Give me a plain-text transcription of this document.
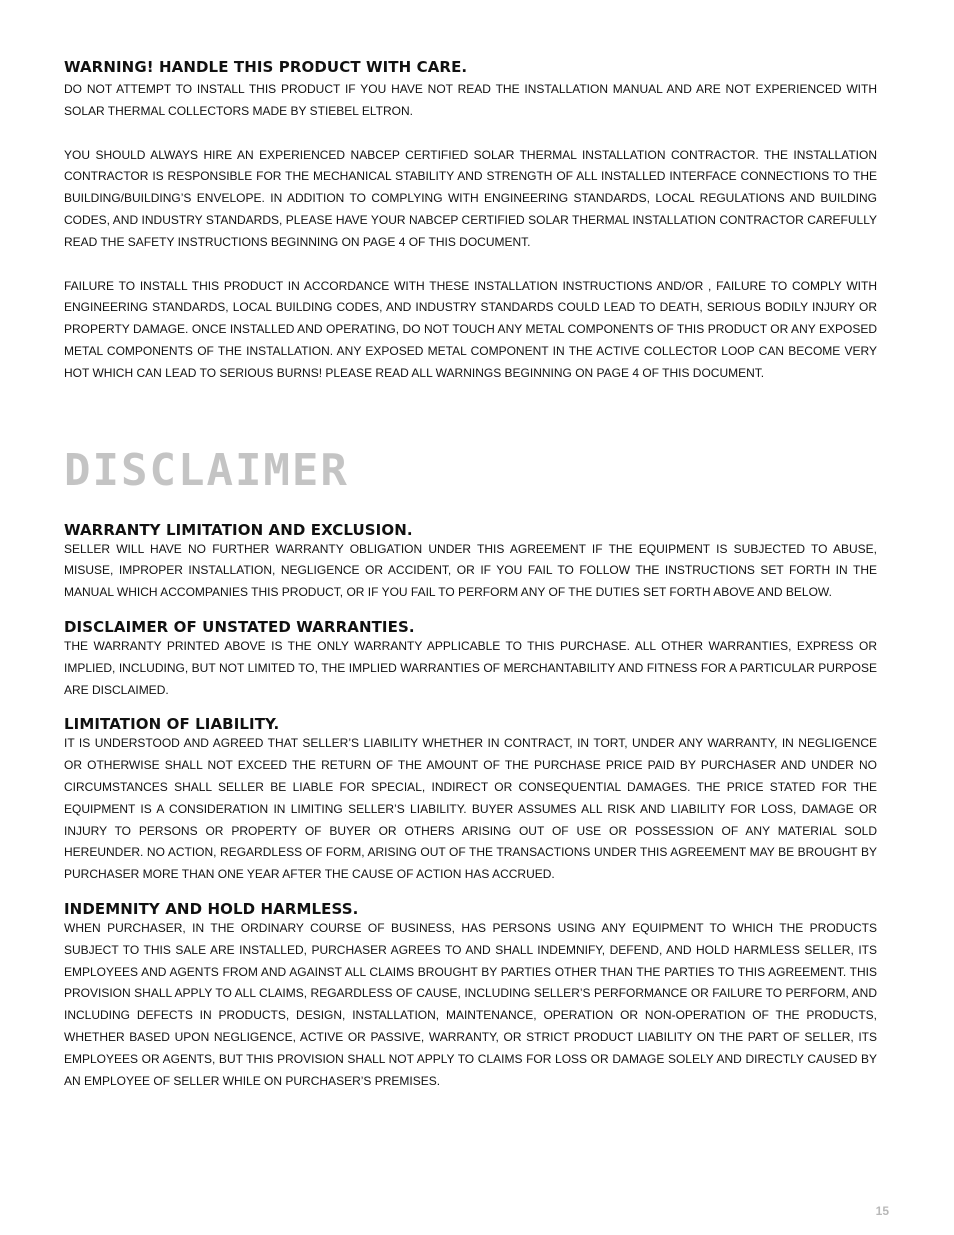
WARNING! HANDLE THIS PRODUCT WITH CARE.

DO NOT ATTEMPT TO INSTALL THIS PRODUCT IF YOU HAVE NOT READ THE INSTALLATION MANUAL AND ARE NOT EXPERIENCED WITH SOLAR THERMAL COLLECTORS MADE BY STIEBEL ELTRON.

YOU SHOULD ALWAYS HIRE AN EXPERIENCED NABCEP CERTIFIED SOLAR THERMAL INSTALLATION CONTRACTOR. THE INSTALLATION CONTRACTOR IS RESPONSIBLE FOR THE MECHANICAL STABILITY AND STRENGTH OF ALL INSTALLED INTERFACE CONNECTIONS TO THE BUILDING/BUILDING’S ENVELOPE. IN ADDITION TO COMPLYING WITH ENGINEERING STANDARDS, LOCAL REGULATIONS AND BUILDING CODES, AND INDUSTRY STANDARDS, PLEASE HAVE YOUR NABCEP CERTIFIED SOLAR THERMAL INSTALLATION CONTRACTOR CAREFULLY READ THE SAFETY INSTRUCTIONS BEGINNING ON PAGE 4 OF THIS DOCUMENT.

FAILURE TO INSTALL THIS PRODUCT IN ACCORDANCE WITH THESE INSTALLATION INSTRUCTIONS AND/OR , FAILURE TO COMPLY WITH ENGINEERING STANDARDS, LOCAL BUILDING CODES, AND INDUSTRY STANDARDS COULD LEAD TO DEATH, SERIOUS BODILY INJURY OR PROPERTY DAMAGE. ONCE INSTALLED AND OPERATING, DO NOT TOUCH ANY METAL COMPONENTS OF THIS PRODUCT OR ANY EXPOSED METAL COMPONENTS OF THE INSTALLATION. ANY EXPOSED METAL COMPONENT IN THE ACTIVE COLLECTOR LOOP CAN BECOME VERY HOT WHICH CAN LEAD TO SERIOUS BURNS! PLEASE READ ALL WARNINGS BEGINNING ON PAGE 4 OF THIS DOCUMENT.

DISCLAIMER
WARRANTY LIMITATION AND EXCLUSION.

SELLER WILL HAVE NO FURTHER WARRANTY OBLIGATION UNDER THIS AGREEMENT IF THE EQUIPMENT IS SUBJECTED TO ABUSE, MISUSE, IMPROPER INSTALLATION, NEGLIGENCE OR ACCIDENT, OR IF YOU FAIL TO FOLLOW THE INSTRUCTIONS SET FORTH IN THE MANUAL WHICH ACCOMPANIES THIS PRODUCT, OR IF YOU FAIL TO PERFORM ANY OF THE DUTIES SET FORTH ABOVE AND BELOW.

DISCLAIMER OF UNSTATED WARRANTIES.

THE WARRANTY PRINTED ABOVE IS THE ONLY WARRANTY APPLICABLE TO THIS PURCHASE. ALL OTHER WARRANTIES, EXPRESS OR IMPLIED, INCLUDING, BUT NOT LIMITED TO, THE IMPLIED WARRANTIES OF MERCHANTABILITY AND FITNESS FOR A PARTICULAR PURPOSE ARE DISCLAIMED.

LIMITATION OF LIABILITY.

IT IS UNDERSTOOD AND AGREED THAT SELLER’S LIABILITY WHETHER IN CONTRACT, IN TORT, UNDER ANY WARRANTY, IN NEGLIGENCE OR OTHERWISE SHALL NOT EXCEED THE RETURN OF THE AMOUNT OF THE PURCHASE PRICE PAID BY PURCHASER AND UNDER NO CIRCUMSTANCES SHALL SELLER BE LIABLE FOR SPECIAL, INDIRECT OR CONSEQUENTIAL DAMAGES. THE PRICE STATED FOR THE EQUIPMENT IS A CONSIDERATION IN LIMITING SELLER’S LIABILITY. BUYER ASSUMES ALL RISK AND LIABILITY FOR LOSS, DAMAGE OR INJURY TO PERSONS OR PROPERTY OF BUYER OR OTHERS ARISING OUT OF USE OR POSSESSION OF ANY MATERIAL SOLD HEREUNDER. NO ACTION, REGARDLESS OF FORM, ARISING OUT OF THE TRANSACTIONS UNDER THIS AGREEMENT MAY BE BROUGHT BY PURCHASER MORE THAN ONE YEAR AFTER THE CAUSE OF ACTION HAS ACCRUED.

INDEMNITY AND HOLD HARMLESS.

WHEN PURCHASER, IN THE ORDINARY COURSE OF BUSINESS, HAS PERSONS USING ANY EQUIPMENT TO WHICH THE PRODUCTS SUBJECT TO THIS SALE ARE INSTALLED, PURCHASER AGREES TO AND SHALL INDEMNIFY, DEFEND, AND HOLD HARMLESS SELLER, ITS EMPLOYEES AND AGENTS FROM AND AGAINST ALL CLAIMS BROUGHT BY PARTIES OTHER THAN THE PARTIES TO THIS AGREEMENT. THIS PROVISION SHALL APPLY TO ALL CLAIMS, REGARDLESS OF CAUSE, INCLUDING SELLER’S PERFORMANCE OR FAILURE TO PERFORM, AND INCLUDING DEFECTS IN PRODUCTS, DESIGN, INSTALLATION, MAINTENANCE, OPERATION OR NON-OPERATION OF THE PRODUCTS, WHETHER BASED UPON NEGLIGENCE, ACTIVE OR PASSIVE, WARRANTY, OR STRICT PRODUCT LIABILITY ON THE PART OF SELLER, ITS EMPLOYEES OR AGENTS, BUT THIS PROVISION SHALL NOT APPLY TO CLAIMS FOR LOSS OR DAMAGE SOLELY AND DIRECTLY CAUSED BY AN EMPLOYEE OF SELLER WHILE ON PURCHASER’S PREMISES.

15
